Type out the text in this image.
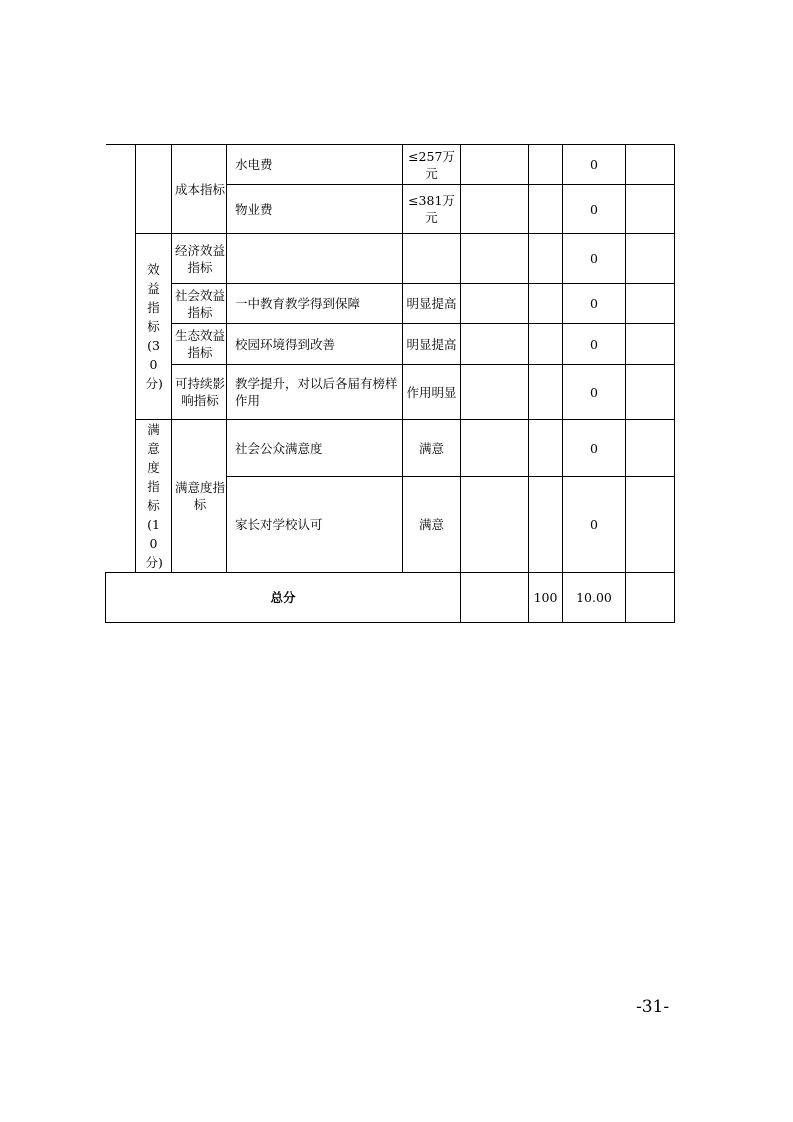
		成本指标	水电费	≤257万元			0	
			物业费	≤381万元			0	
	效益指标(30分)	经济效益指标					0	
		社会效益指标	一中教育教学得到保障	明显提高			0	
		生态效益指标	校园环境得到改善	明显提高			0	
		可持续影响指标	教学提升，对以后各届有榜样作用	作用明显			0	
	满意度指标(10分)	满意度指标	社会公众满意度	满意			0	
			家长对学校认可	满意			0	
总分						100	10.00	
-31-
